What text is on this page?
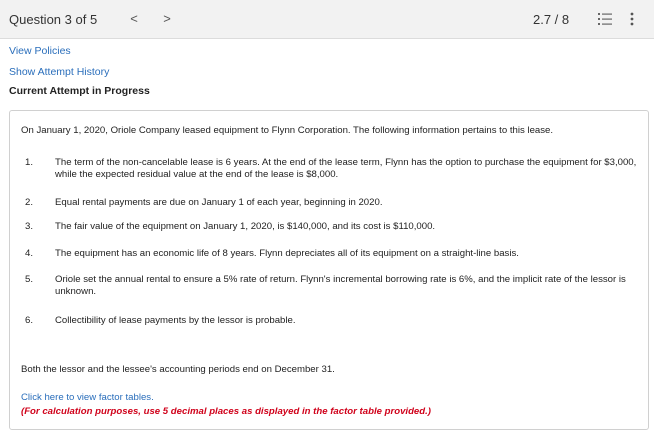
Question 3 of 5	< >	2.7 / 8
View Policies
Show Attempt History
Current Attempt in Progress
On January 1, 2020, Oriole Company leased equipment to Flynn Corporation. The following information pertains to this lease.
1. The term of the non-cancelable lease is 6 years. At the end of the lease term, Flynn has the option to purchase the equipment for $3,000, while the expected residual value at the end of the lease is $8,000.
2. Equal rental payments are due on January 1 of each year, beginning in 2020.
3. The fair value of the equipment on January 1, 2020, is $140,000, and its cost is $110,000.
4. The equipment has an economic life of 8 years. Flynn depreciates all of its equipment on a straight-line basis.
5. Oriole set the annual rental to ensure a 5% rate of return. Flynn's incremental borrowing rate is 6%, and the implicit rate of the lessor is unknown.
6. Collectibility of lease payments by the lessor is probable.
Both the lessor and the lessee's accounting periods end on December 31.
Click here to view factor tables.
(For calculation purposes, use 5 decimal places as displayed in the factor table provided.)
